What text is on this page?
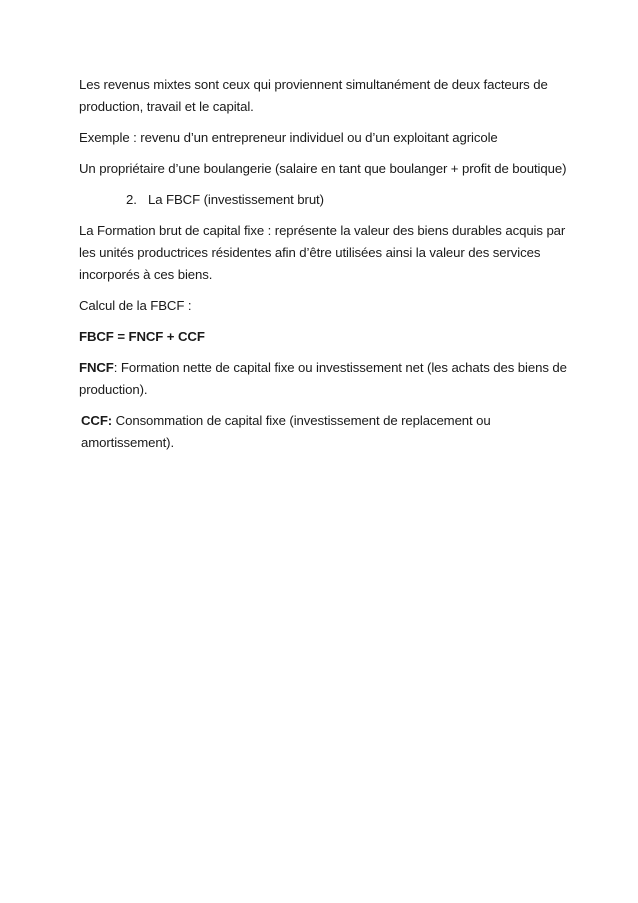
Les revenus mixtes sont ceux qui proviennent simultanément de deux facteurs de production, travail et le capital.

Exemple : revenu d’un entrepreneur individuel ou d’un exploitant agricole

Un propriétaire d’une boulangerie (salaire en tant que boulanger + profit de boutique)

2. La FBCF (investissement brut)

La Formation brut de capital fixe : représente la valeur des biens durables acquis par les unités productrices résidentes afin d’être utilisées ainsi la valeur des services incorporés à ces biens.

Calcul de la FBCF :

FBCF = FNCF + CCF

FNCF: Formation nette de capital fixe ou investissement net (les achats des biens de production).

CCF: Consommation de capital fixe (investissement de replacement ou amortissement).
